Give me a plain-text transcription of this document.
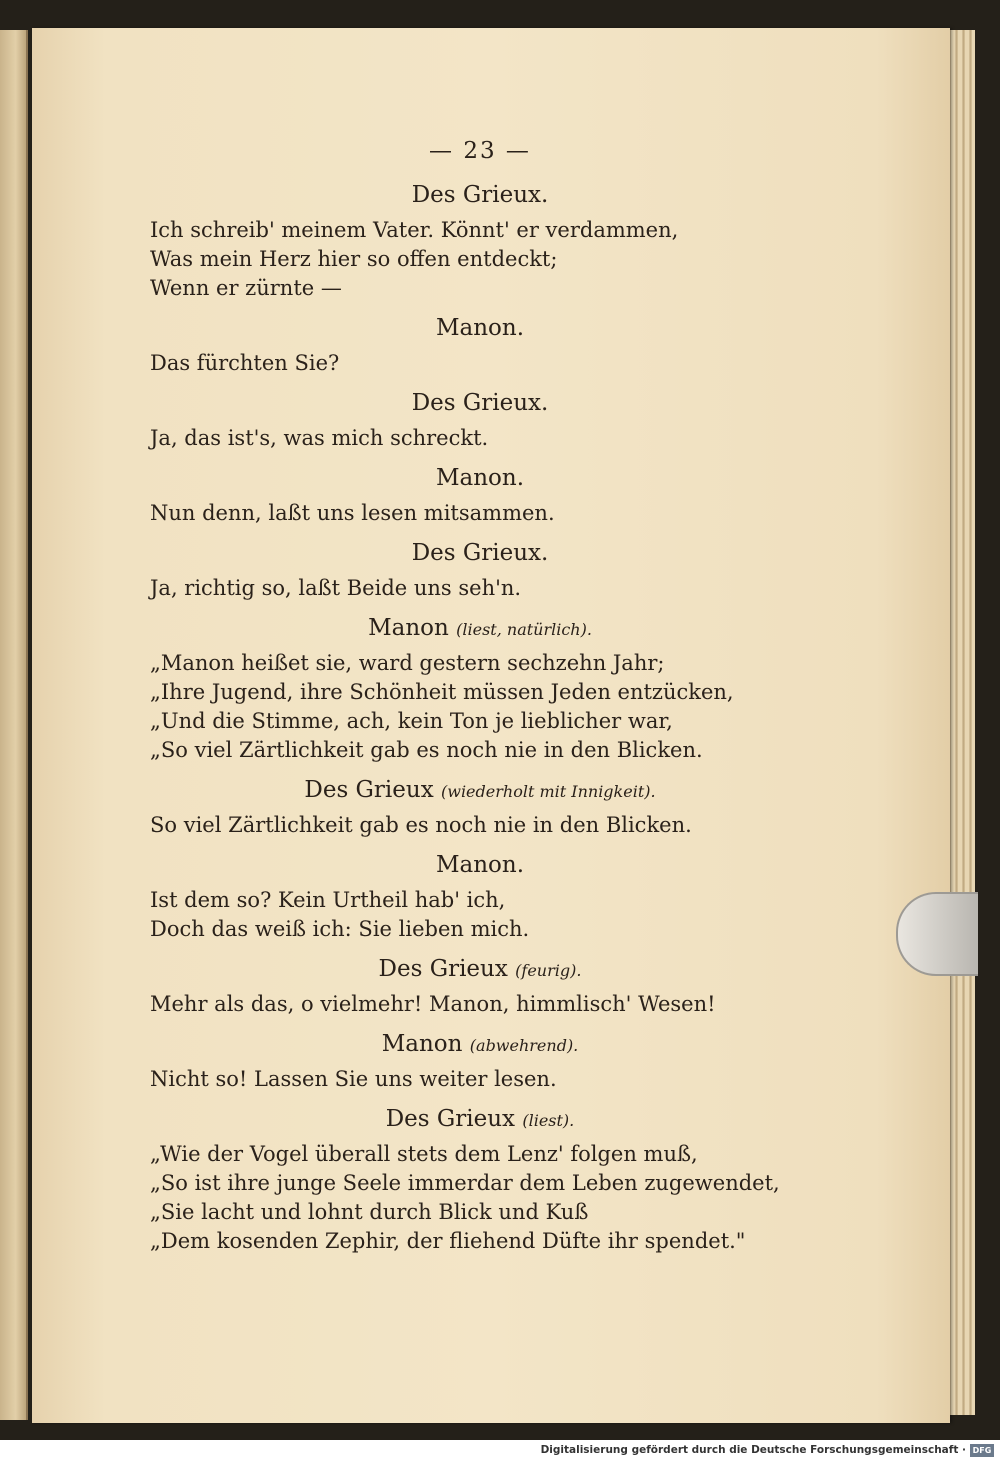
— 23 —
Des Grieux.
Ich schreib' meinem Vater. Könnt' er verdammen,
Was mein Herz hier so offen entdeckt;
Wenn er zürnte —
Manon.
Das fürchten Sie?
Des Grieux.
Ja, das ist's, was mich schreckt.
Manon.
Nun denn, laßt uns lesen mitsammen.
Des Grieux.
Ja, richtig so, laßt Beide uns seh'n.
Manon (liest, natürlich).
„Manon heißet sie, ward gestern sechzehn Jahr;
„Ihre Jugend, ihre Schönheit müssen Jeden entzücken,
„Und die Stimme, ach, kein Ton je lieblicher war,
„So viel Zärtlichkeit gab es noch nie in den Blicken.
Des Grieux (wiederholt mit Innigkeit).
So viel Zärtlichkeit gab es noch nie in den Blicken.
Manon.
Ist dem so? Kein Urtheil hab' ich,
Doch das weiß ich: Sie lieben mich.
Des Grieux (feurig).
Mehr als das, o vielmehr! Manon, himmlisch' Wesen!
Manon (abwehrend).
Nicht so! Lassen Sie uns weiter lesen.
Des Grieux (liest).
„Wie der Vogel überall stets dem Lenz' folgen muß,
„So ist ihre junge Seele immerdar dem Leben zugewendet,
„Sie lacht und lohnt durch Blick und Kuß
„Dem kosenden Zephir, der fliehend Düfte ihr spendet."
Digitalisierung gefördert durch die Deutsche Forschungsgemeinschaft · DFG
